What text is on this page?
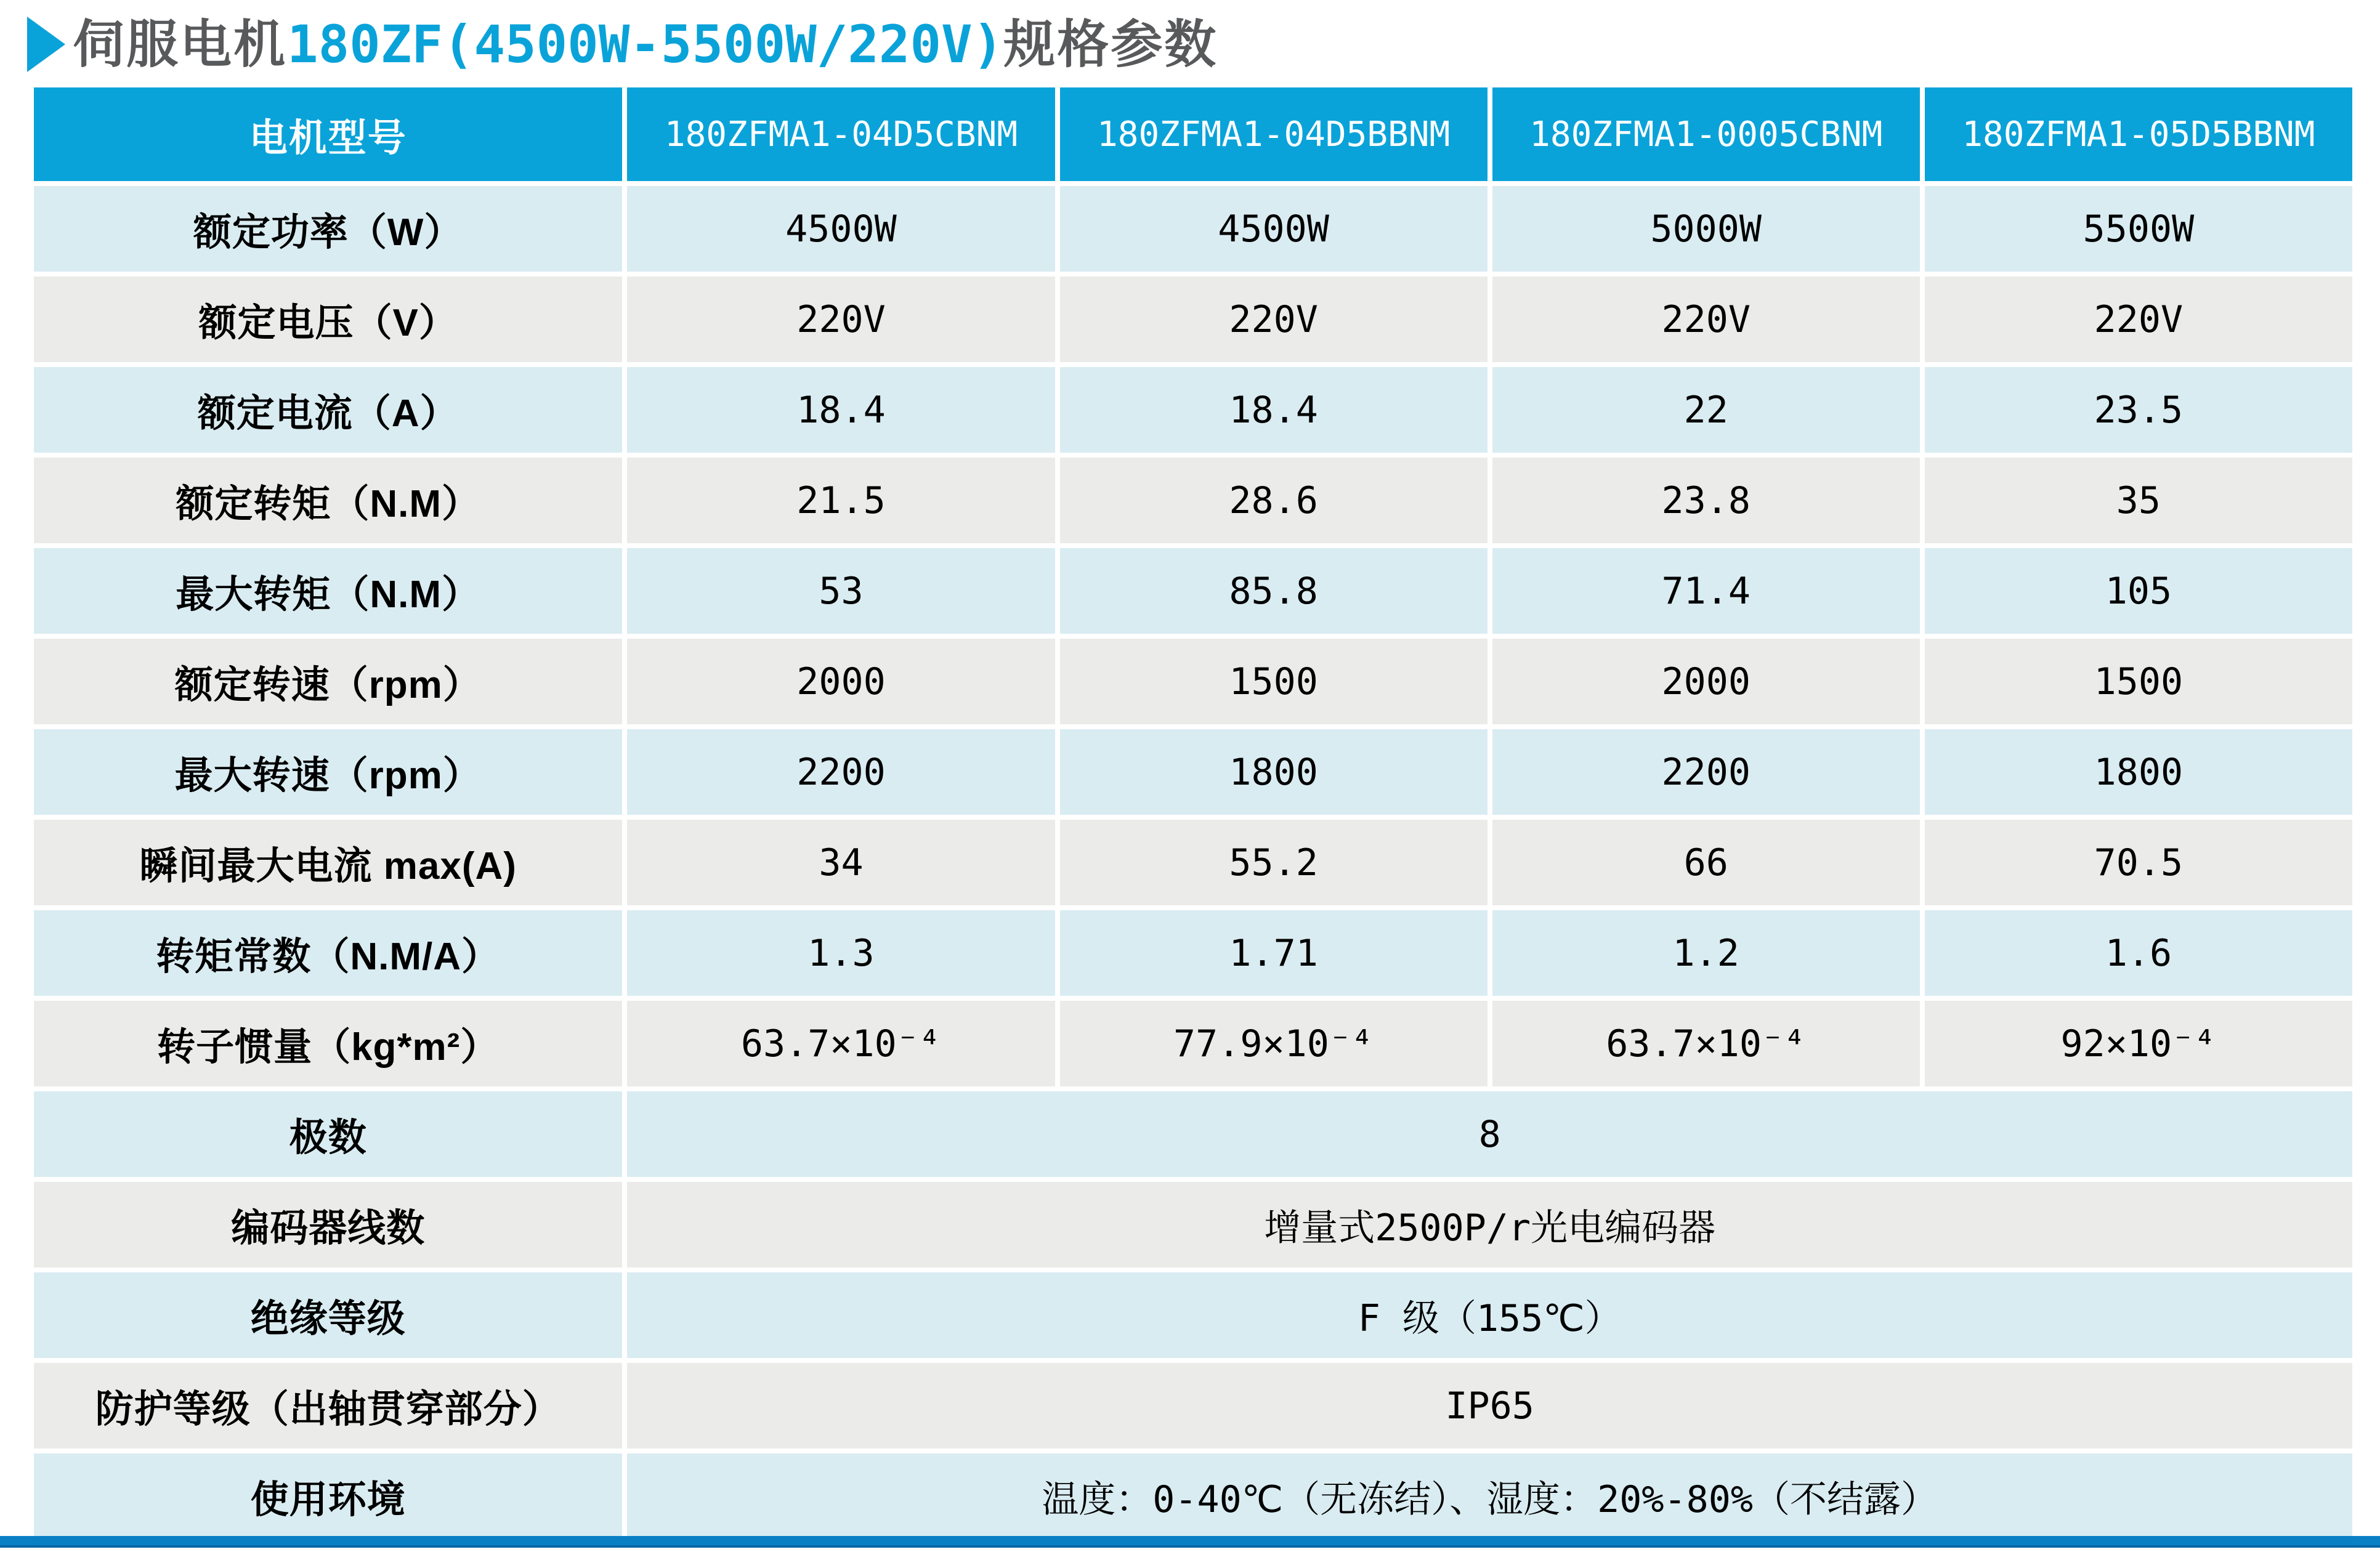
伺服电机 180ZF(4500W-5500W/220V) 规格参数
电机型号	180ZFMA1-04D5CBNM	180ZFMA1-04D5BBNM	180ZFMA1-0005CBNM	180ZFMA1-05D5BBNM
额定功率（W）	4500W	4500W	5000W	5500W
额定电压（V）	220V	220V	220V	220V
额定电流（A）	18.4	18.4	22	23.5
额定转矩（N.M）	21.5	28.6	23.8	35
最大转矩（N.M）	53	85.8	71.4	105
额定转速（rpm）	2000	1500	2000	1500
最大转速（rpm）	2200	1800	2200	1800
瞬间最大电流 max(A)	34	55.2	66	70.5
转矩常数（N.M/A）	1.3	1.71	1.2	1.6
转子惯量（kg*m²）	63.7×10⁻⁴	77.9×10⁻⁴	63.7×10⁻⁴	92×10⁻⁴
极数	8			
编码器线数	增量式2500P/r光电编码器			
绝缘等级	F 级（155℃）			
防护等级（出轴贯穿部分）	IP65			
使用环境	温度：0-40℃（无冻结）、湿度：20%-80%（不结露）			
